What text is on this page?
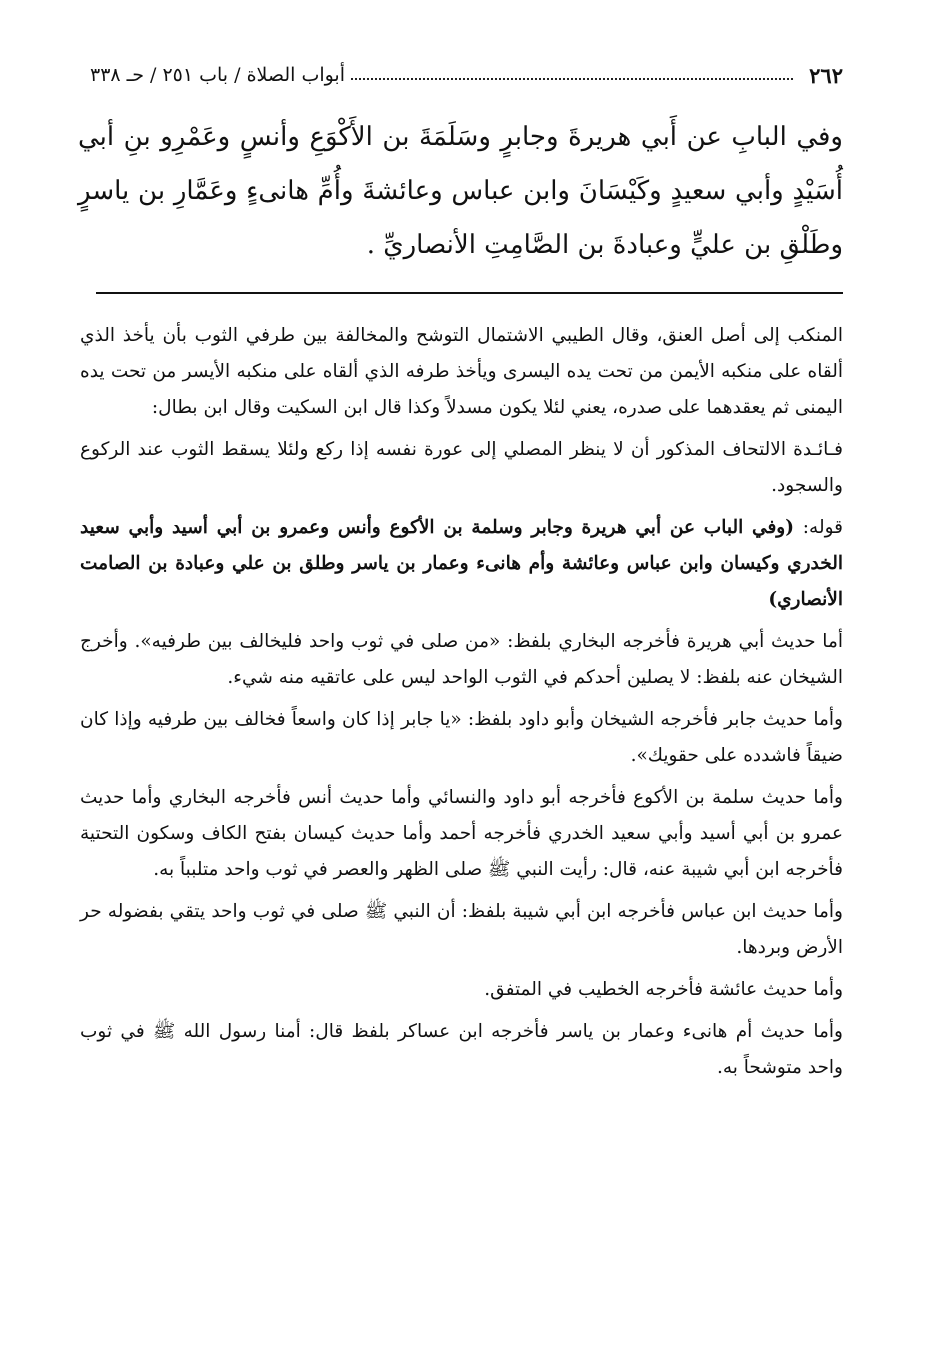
٢٦٢
أبواب الصلاة / باب ٢٥١ / حـ ٣٣٨
وفي البابِ عن أَبي هريرةَ وجابرٍ وسَلَمَةَ بن الأَكْوَعِ وأنسٍ وعَمْرِو بنِ أبي أُسَيْدٍ وأبي سعيدٍ وكَيْسَانَ وابن عباس وعائشةَ وأُمِّ هانىءٍ وعَمَّارِ بن ياسرٍ وطَلْقِ بن عليٍّ وعبادةَ بن الصَّامِتِ الأنصاريِّ .

المنكب إلى أصل العنق، وقال الطيبي الاشتمال التوشح والمخالفة بين طرفي الثوب بأن يأخذ الذي ألقاه على منكبه الأيمن من تحت يده اليسرى ويأخذ طرفه الذي ألقاه على منكبه الأيسر من تحت يده اليمنى ثم يعقدهما على صدره، يعني لئلا يكون مسدلاً وكذا قال ابن السكيت وقال ابن بطال:

فـائـدة الالتحاف المذكور أن لا ينظر المصلي إلى عورة نفسه إذا ركع ولئلا يسقط الثوب عند الركوع والسجود.

قوله: (وفي الباب عن أبي هريرة وجابر وسلمة بن الأكوع وأنس وعمرو بن أبي أسيد وأبي سعيد الخدري وكيسان وابن عباس وعائشة وأم هانىء وعمار بن ياسر وطلق بن علي وعبادة بن الصامت الأنصاري)

أما حديث أبي هريرة فأخرجه البخاري بلفظ: «من صلى في ثوب واحد فليخالف بين طرفيه». وأخرج الشيخان عنه بلفظ: لا يصلين أحدكم في الثوب الواحد ليس على عاتقيه منه شيء.

وأما حديث جابر فأخرجه الشيخان وأبو داود بلفظ: «يا جابر إذا كان واسعاً فخالف بين طرفيه وإذا كان ضيقاً فاشدده على حقويك».

وأما حديث سلمة بن الأكوع فأخرجه أبو داود والنسائي وأما حديث أنس فأخرجه البخاري وأما حديث عمرو بن أبي أسيد وأبي سعيد الخدري فأخرجه أحمد وأما حديث كيسان بفتح الكاف وسكون التحتية فأخرجه ابن أبي شيبة عنه، قال: رأيت النبي ﷺ صلى الظهر والعصر في ثوب واحد متلبباً به.

وأما حديث ابن عباس فأخرجه ابن أبي شيبة بلفظ: أن النبي ﷺ صلى في ثوب واحد يتقي بفضوله حر الأرض وبردها.

وأما حديث عائشة فأخرجه الخطيب في المتفق.

وأما حديث أم هانىء وعمار بن ياسر فأخرجه ابن عساكر بلفظ قال: أمنا رسول الله ﷺ في ثوب واحد متوشحاً به.
